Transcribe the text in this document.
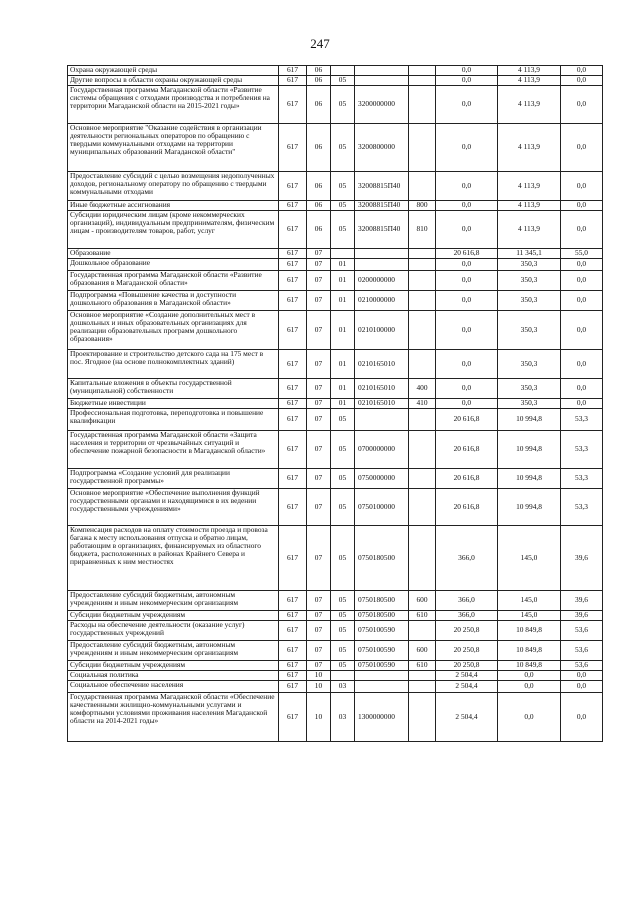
247
Охрана окружающей среды	617	06				0,0	4 113,9	0,0
Другие вопросы в области охраны окружающей среды	617	06	05			0,0	4 113,9	0,0
Государственная программа Магаданской области «Развитие системы обращения с отходами производства и потребления на территории Магаданской области на 2015-2021 годы»	617	06	05	3200000000		0,0	4 113,9	0,0
Основное мероприятие "Оказание содействия в организации деятельности региональных операторов по обращению с твердыми коммунальными отходами на территории муниципальных образований Магаданской области"	617	06	05	3200800000		0,0	4 113,9	0,0
Предоставление субсидий с целью возмещения недополученных доходов, региональному оператору по обращению с твердыми коммунальными отходами	617	06	05	32008815П40		0,0	4 113,9	0,0
Иные бюджетные ассигнования	617	06	05	32008815П40	800	0,0	4 113,9	0,0
Субсидии юридическим лицам (кроме некоммерческих организаций), индивидуальным предпринимателям, физическим лицам - производителям товаров, работ, услуг	617	06	05	32008815П40	810	0,0	4 113,9	0,0
Образование	617	07				20 616,8	11 345,1	55,0
Дошкольное образование	617	07	01			0,0	350,3	0,0
Государственная программа Магаданской области «Развитие образования в Магаданской области»	617	07	01	0200000000		0,0	350,3	0,0
Подпрограмма «Повышение качества и доступности дошкольного образования в Магаданской области»	617	07	01	0210000000		0,0	350,3	0,0
Основное мероприятие «Создание дополнительных мест в дошкольных и иных образовательных организациях для реализации образовательных программ дошкольного образования»	617	07	01	0210100000		0,0	350,3	0,0
Проектирование и строительство детского сада на 175 мест в пос. Ягодное (на основе полнокомплектных зданий)	617	07	01	0210165010		0,0	350,3	0,0
Капитальные вложения в объекты государственной (муниципальной) собственности	617	07	01	0210165010	400	0,0	350,3	0,0
Бюджетные инвестиции	617	07	01	0210165010	410	0,0	350,3	0,0
Профессиональная подготовка, переподготовка и повышение квалификации	617	07	05			20 616,8	10 994,8	53,3
Государственная программа Магаданской области «Защита населения и территории от чрезвычайных ситуаций и обеспечение пожарной безопасности в Магаданской области»	617	07	05	0700000000		20 616,8	10 994,8	53,3
Подпрограмма «Создание условий для реализации государственной программы»	617	07	05	0750000000		20 616,8	10 994,8	53,3
Основное мероприятие «Обеспечение выполнения функций государственными органами и находящимися в их ведении государственными учреждениями»	617	07	05	0750100000		20 616,8	10 994,8	53,3
Компенсация расходов на оплату стоимости проезда и провоза багажа к месту использования отпуска и обратно лицам, работающим в организациях, финансируемых из областного бюджета, расположенных в районах Крайнего Севера и приравненных к ним местностях	617	07	05	0750180500		366,0	145,0	39,6
Предоставление субсидий бюджетным, автономным учреждениям и иным некоммерческим организациям	617	07	05	0750180500	600	366,0	145,0	39,6
Субсидии бюджетным учреждениям	617	07	05	0750180500	610	366,0	145,0	39,6
Расходы на обеспечение деятельности (оказание услуг) государственных учреждений	617	07	05	0750100590		20 250,8	10 849,8	53,6
Предоставление субсидий бюджетным, автономным учреждениям и иным некоммерческим организациям	617	07	05	0750100590	600	20 250,8	10 849,8	53,6
Субсидии бюджетным учреждениям	617	07	05	0750100590	610	20 250,8	10 849,8	53,6
Социальная политика	617	10				2 504,4	0,0	0,0
Социальное обеспечение населения	617	10	03			2 504,4	0,0	0,0
Государственная программа Магаданской области «Обеспечение качественными жилищно-коммунальными услугами и комфортными условиями проживания населения Магаданской области на 2014-2021 годы»	617	10	03	1300000000		2 504,4	0,0	0,0
